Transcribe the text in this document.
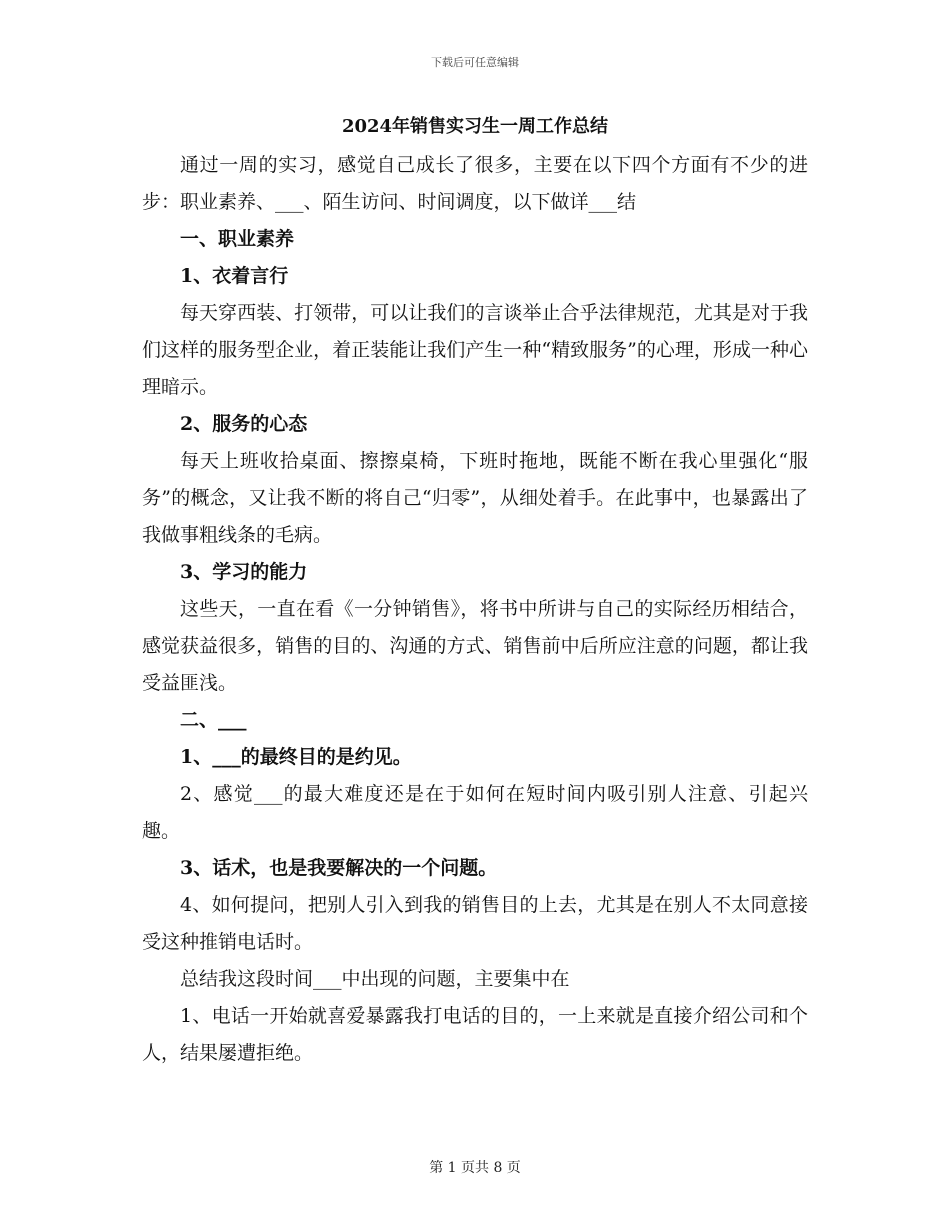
下载后可任意编辑
2024年销售实习生一周工作总结

通过一周的实习，感觉自己成长了很多，主要在以下四个方面有不少的进步：职业素养、___、陌生访问、时间调度，以下做详___结

一、职业素养

1、衣着言行

每天穿西装、打领带，可以让我们的言谈举止合乎法律规范，尤其是对于我们这样的服务型企业，着正装能让我们产生一种“精致服务”的心理，形成一种心理暗示。

2、服务的心态

每天上班收拾桌面、擦擦桌椅，下班时拖地，既能不断在我心里强化“服务”的概念，又让我不断的将自己“归零”，从细处着手。在此事中，也暴露出了我做事粗线条的毛病。

3、学习的能力

这些天，一直在看《一分钟销售》，将书中所讲与自己的实际经历相结合，感觉获益很多，销售的目的、沟通的方式、销售前中后所应注意的问题，都让我受益匪浅。

二、___

1、___的最终目的是约见。

2、感觉___的最大难度还是在于如何在短时间内吸引别人注意、引起兴趣。

3、话术，也是我要解决的一个问题。

4、如何提问，把别人引入到我的销售目的上去，尤其是在别人不太同意接受这种推销电话时。

总结我这段时间___中出现的问题，主要集中在

1、电话一开始就喜爱暴露我打电话的目的，一上来就是直接介绍公司和个人，结果屡遭拒绝。

第 1 页共 8 页
